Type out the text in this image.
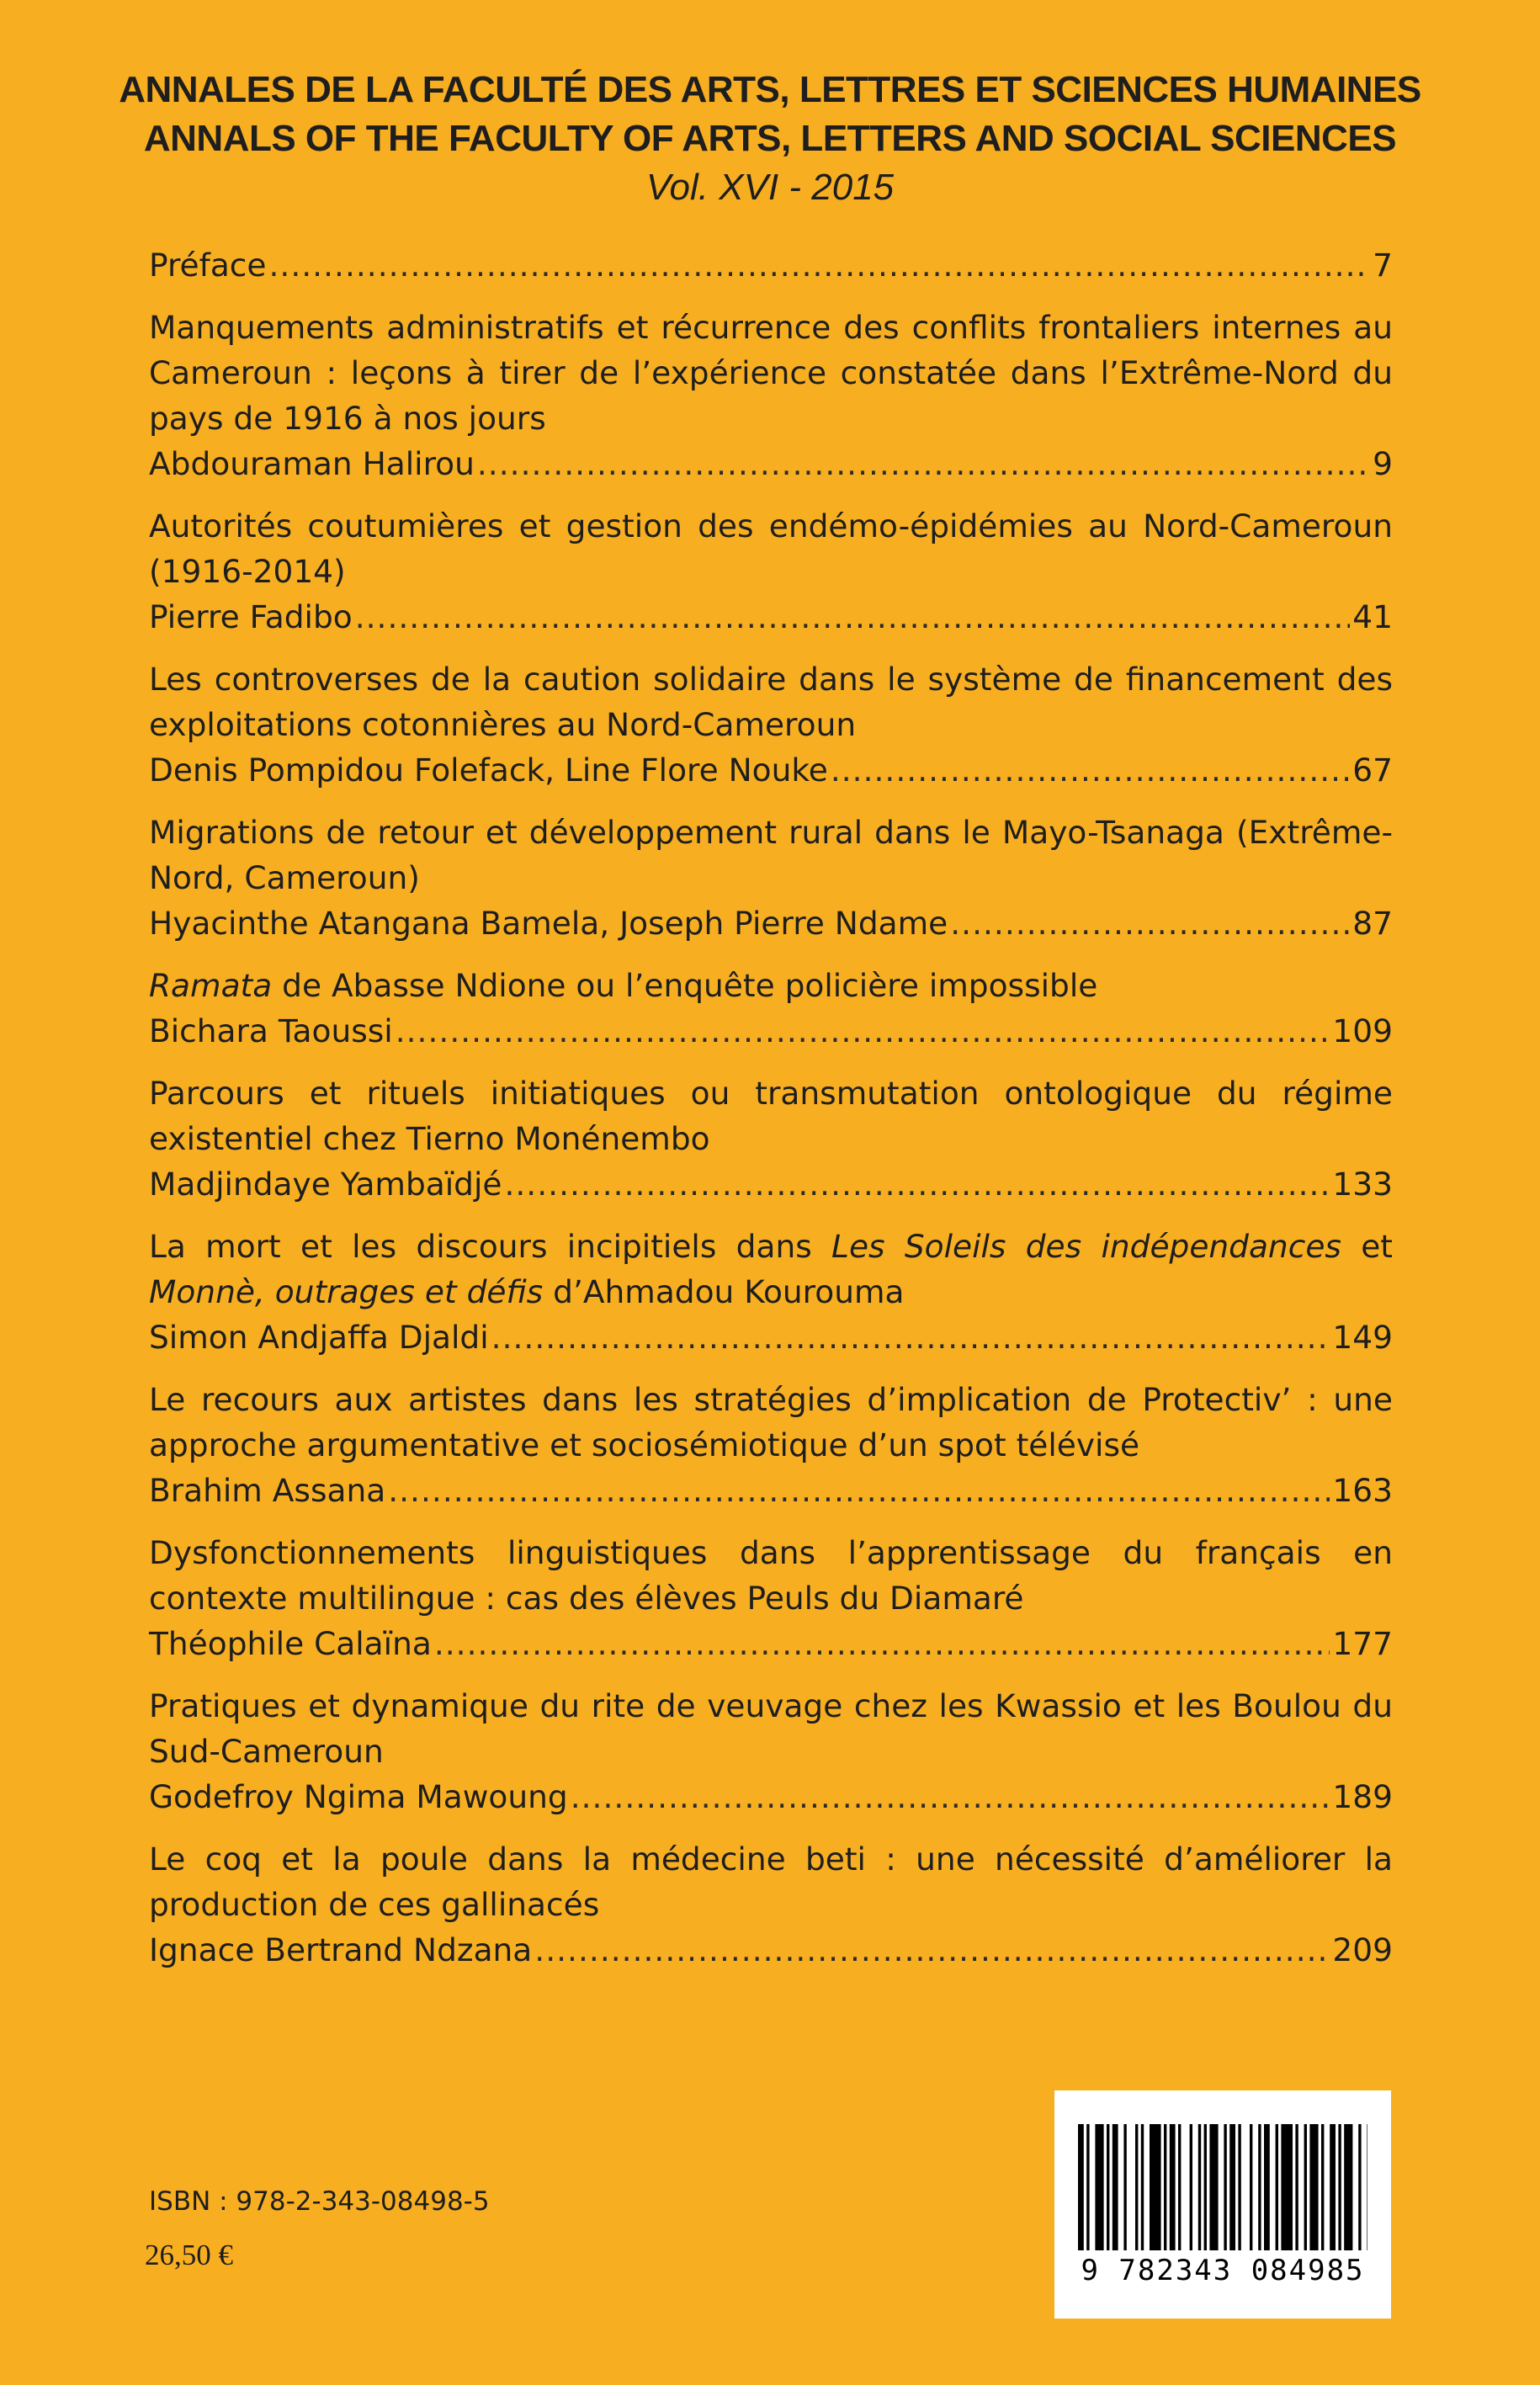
ANNALES DE LA FACULTÉ DES ARTS, LETTRES ET SCIENCES HUMAINES
ANNALS OF THE FACULTY OF ARTS, LETTERS AND SOCIAL SCIENCES
Vol. XVI - 2015
Préface .....	7
Manquements administratifs et récurrence des conflits frontaliers internes au Cameroun : leçons à tirer de l’expérience constatée dans l’Extrême-Nord du pays de 1916 à nos jours
Abdouraman Halirou .....	9
Autorités coutumières et gestion des endémo-épidémies au Nord-Cameroun (1916-2014)
Pierre Fadibo .....	41
Les controverses de la caution solidaire dans le système de financement des exploitations cotonnières au Nord-Cameroun
Denis Pompidou Folefack, Line Flore Nouke .....	67
Migrations de retour et développement rural dans le Mayo-Tsanaga (Extrême-Nord, Cameroun)
Hyacinthe Atangana Bamela, Joseph Pierre Ndame .....	87
Ramata de Abasse Ndione ou l’enquête policière impossible
Bichara Taoussi .....	109
Parcours et rituels initiatiques ou transmutation ontologique du régime existentiel chez Tierno Monénembo
Madjindaye Yambaïdjé .....	133
La mort et les discours incipitiels dans Les Soleils des indépendances et Monnè, outrages et défis d’Ahmadou Kourouma
Simon Andjaffa Djaldi .....	149
Le recours aux artistes dans les stratégies d’implication de Protectiv’ : une approche argumentative et sociosémiotique d’un spot télévisé
Brahim Assana .....	163
Dysfonctionnements linguistiques dans l’apprentissage du français en contexte multilingue : cas des élèves Peuls du Diamaré
Théophile Calaïna .....	177
Pratiques et dynamique du rite de veuvage chez les Kwassio et les Boulou du Sud-Cameroun
Godefroy Ngima Mawoung .....	189
Le coq et la poule dans la médecine beti : une nécessité d’améliorer la production de ces gallinacés
Ignace Bertrand Ndzana .....	209
ISBN : 978-2-343-08498-5
26,50 €	9 782343 084985
